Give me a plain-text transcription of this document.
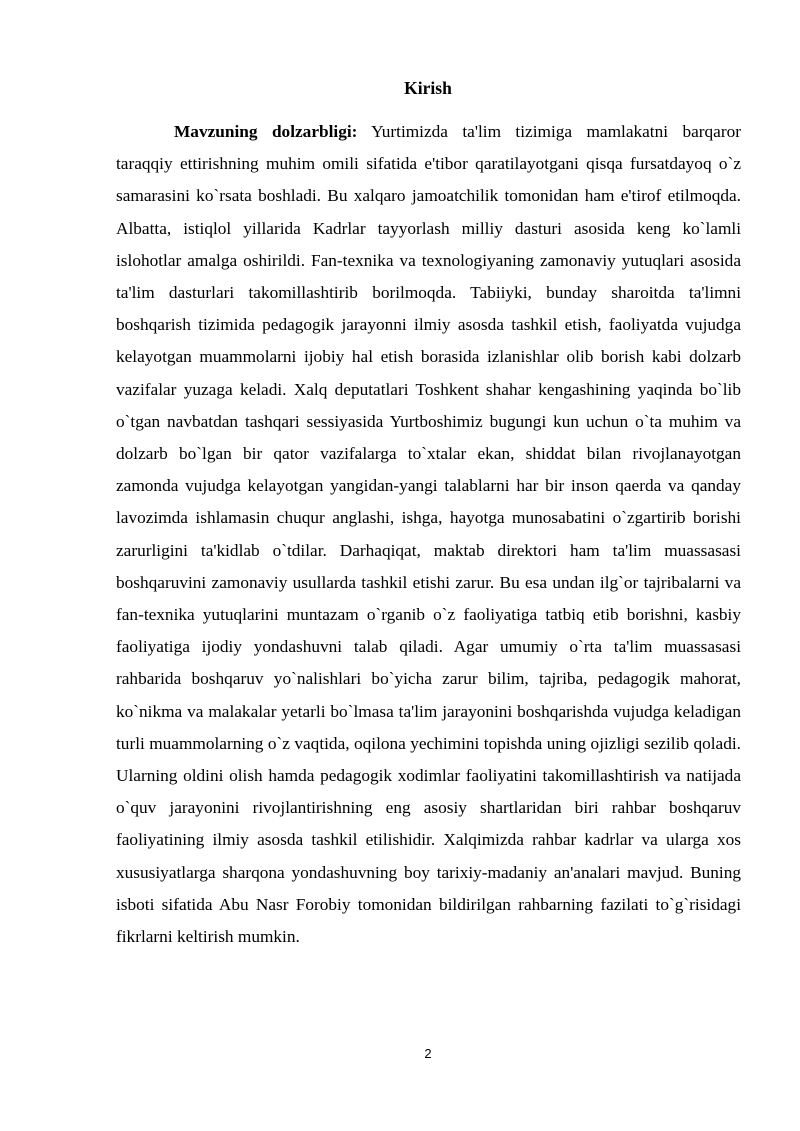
Kirish

Mavzuning dolzarbligi: Yurtimizda ta'lim tizimiga mamlakatni barqaror taraqqiy ettirishning muhim omili sifatida e'tibor qaratilayotgani qisqa fursatdayoq o`z samarasini ko`rsata boshladi. Bu xalqaro jamoatchilik tomonidan ham e'tirof etilmoqda. Albatta, istiqlol yillarida Kadrlar tayyorlash milliy dasturi asosida keng ko`lamli islohotlar amalga oshirildi. Fan-texnika va texnologiyaning zamonaviy yutuqlari asosida ta'lim dasturlari takomillashtirib borilmoqda. Tabiiyki, bunday sharoitda ta'limni boshqarish tizimida pedagogik jarayonni ilmiy asosda tashkil etish, faoliyatda vujudga kelayotgan muammolarni ijobiy hal etish borasida izlanishlar olib borish kabi dolzarb vazifalar yuzaga keladi. Xalq deputatlari Toshkent shahar kengashining yaqinda bo`lib o`tgan navbatdan tashqari sessiyasida Yurtboshimiz bugungi kun uchun o`ta muhim va dolzarb bo`lgan bir qator vazifalarga to`xtalar ekan, shiddat bilan rivojlanayotgan zamonda vujudga kelayotgan yangidan-yangi talablarni har bir inson qaerda va qanday lavozimda ishlamasin chuqur anglashi, ishga, hayotga munosabatini o`zgartirib borishi zarurligini ta'kidlab o`tdilar. Darhaqiqat, maktab direktori ham ta'lim muassasasi boshqaruvini zamonaviy usullarda tashkil etishi zarur. Bu esa undan ilg`or tajribalarni va fan-texnika yutuqlarini muntazam o`rganib o`z faoliyatiga tatbiq etib borishni, kasbiy faoliyatiga ijodiy yondashuvni talab qiladi. Agar umumiy o`rta ta'lim muassasasi rahbarida boshqaruv yo`nalishlari bo`yicha zarur bilim, tajriba, pedagogik mahorat, ko`nikma va malakalar yetarli bo`lmasa ta'lim jarayonini boshqarishda vujudga keladigan turli muammolarning o`z vaqtida, oqilona yechimini topishda uning ojizligi sezilib qoladi. Ularning oldini olish hamda pedagogik xodimlar faoliyatini takomillashtirish va natijada o`quv jarayonini rivojlantirishning eng asosiy shartlaridan biri rahbar boshqaruv faoliyatining ilmiy asosda tashkil etilishidir. Xalqimizda rahbar kadrlar va ularga xos xususiyatlarga sharqona yondashuvning boy tarixiy-madaniy an'analari mavjud. Buning isboti sifatida Abu Nasr Forobiy tomonidan bildirilgan rahbarning fazilati to`g`risidagi fikrlarni keltirish mumkin.

2
